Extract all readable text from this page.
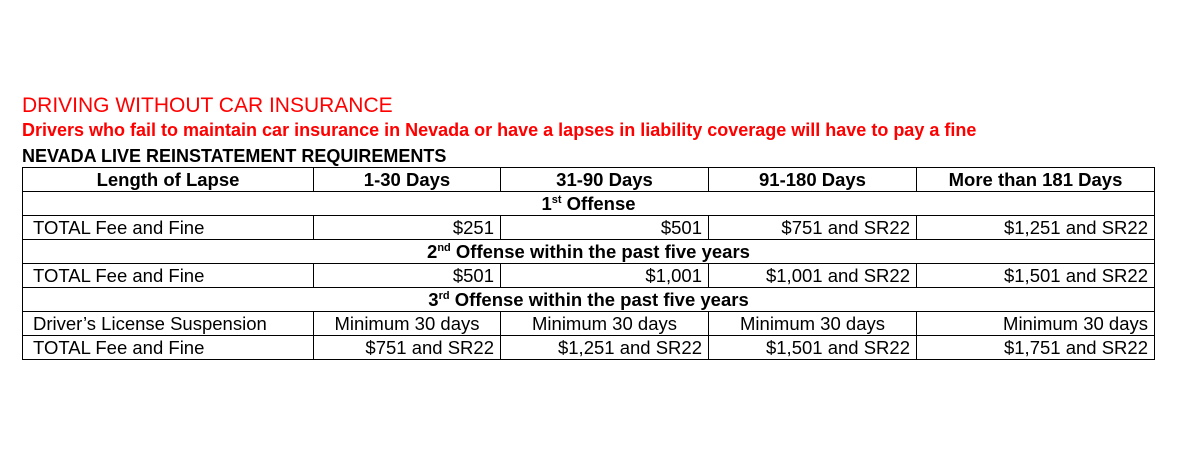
DRIVING WITHOUT CAR INSURANCE
Drivers who fail to maintain car insurance in Nevada or have a lapses in liability coverage will have to pay a fine
NEVADA LIVE REINSTATEMENT REQUIREMENTS
Length of Lapse	1-30 Days	31-90 Days	91-180 Days	More than 181 Days
1st Offense				
TOTAL Fee and Fine	$251	$501	$751 and SR22	$1,251 and SR22
2nd Offense within the past five years				
TOTAL Fee and Fine	$501	$1,001	$1,001 and SR22	$1,501 and SR22
3rd Offense within the past five years				
Driver’s License Suspension	Minimum 30 days	Minimum 30 days	Minimum 30 days	Minimum 30 days
TOTAL Fee and Fine	$751 and SR22	$1,251 and SR22	$1,501 and SR22	$1,751 and SR22
